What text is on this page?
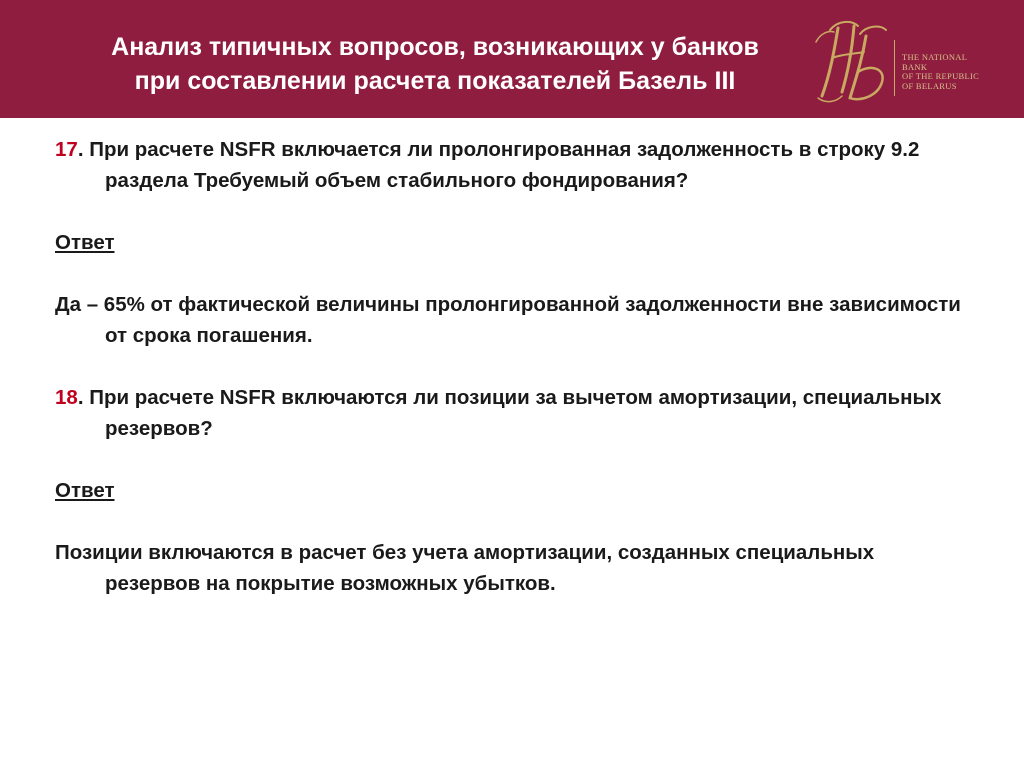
Анализ типичных вопросов, возникающих у банков
при составлении расчета показателей Базель III
THE NATIONAL
BANK
OF THE REPUBLIC
OF BELARUS
17. При расчете NSFR включается ли пролонгированная задолженность в строку 9.2 раздела Требуемый объем стабильного фондирования?
Ответ
Да – 65% от фактической величины пролонгированной задолженности вне зависимости от срока погашения.
18. При расчете NSFR включаются ли позиции за вычетом амортизации, специальных резервов?
Ответ
Позиции включаются в расчет без учета амортизации, созданных специальных резервов на покрытие возможных убытков.
